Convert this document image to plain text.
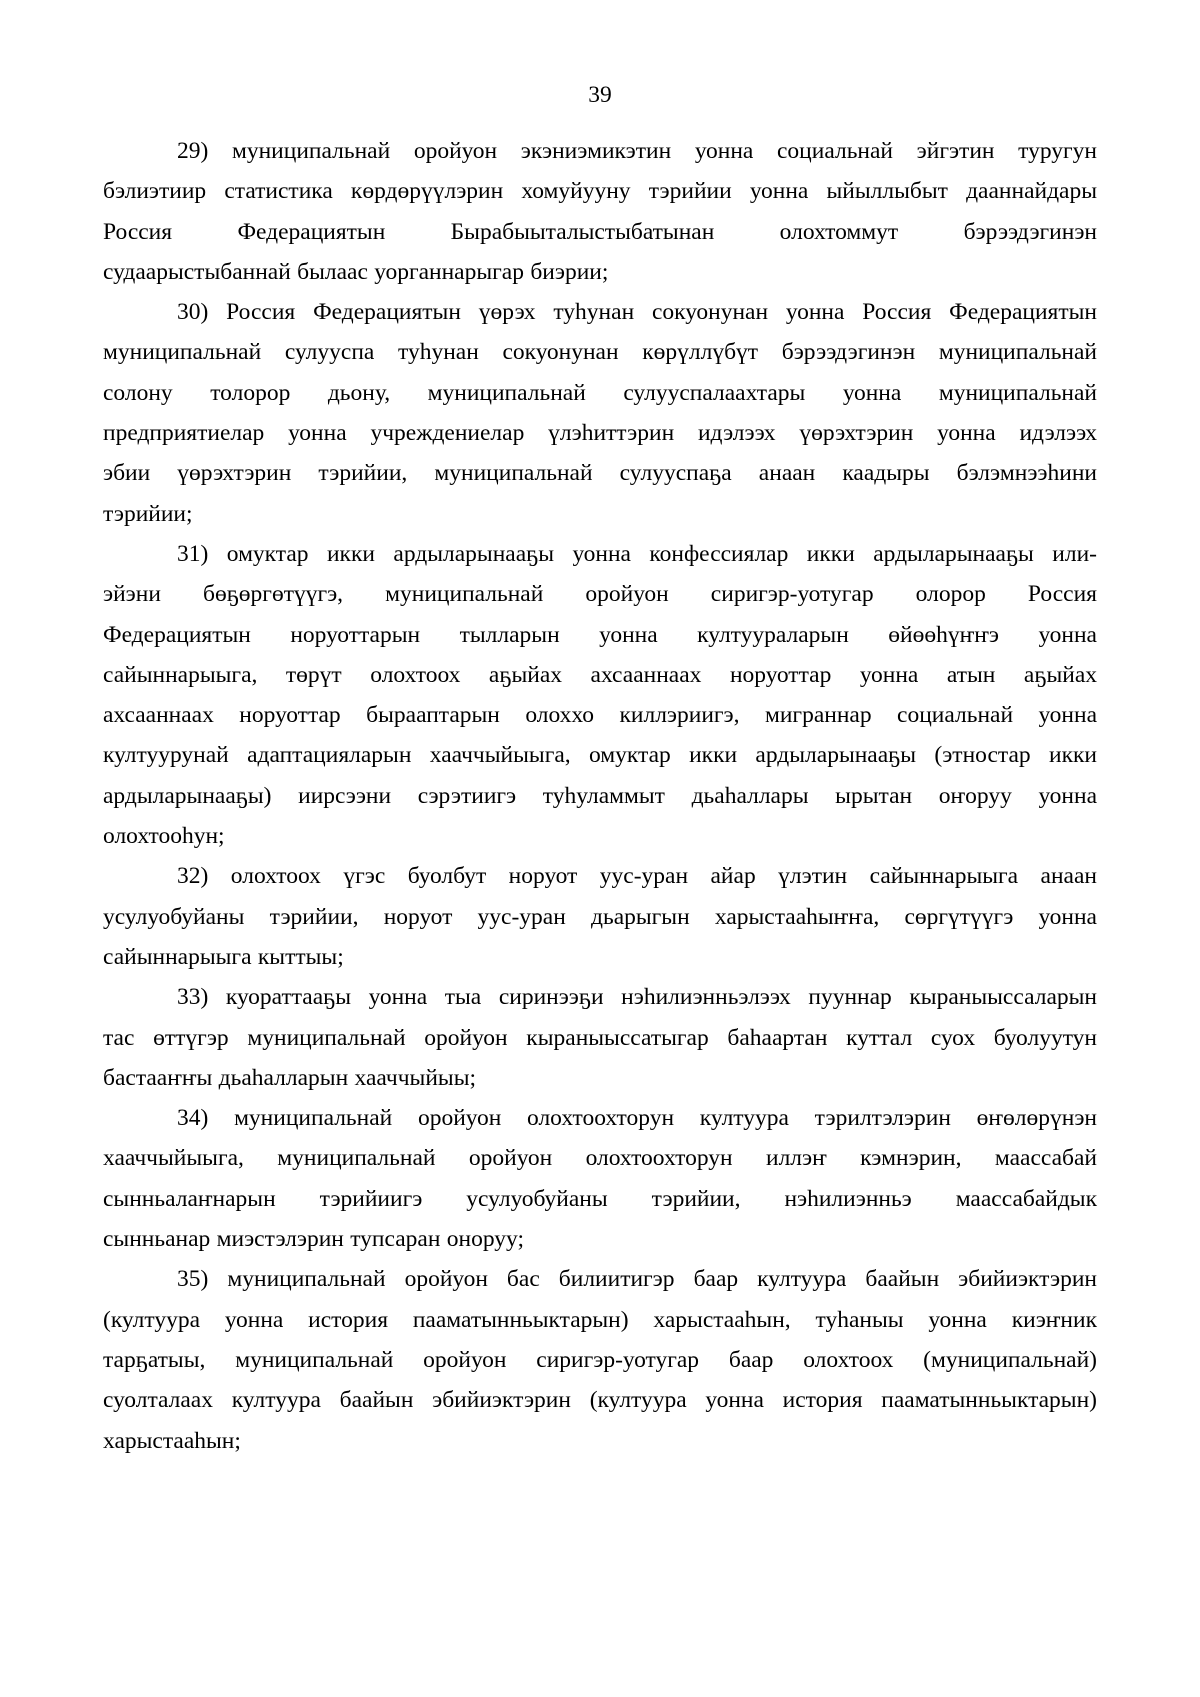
39
29) муниципальнай оройуон экэниэмикэтин уонна социальнай эйгэтин туругун
бэлиэтиир статистика көрдөрүүлэрин хомуйууну тэрийии уонна ыйыллыбыт дааннайдары
Россия Федерациятын Бырабыыталыстыбатынан олохтоммут бэрээдэгинэн
судаарыстыбаннай былаас уорганнарыгар биэрии;
30) Россия Федерациятын үөрэх туһунан сокуонунан уонна Россия Федерациятын
муниципальнай сулууспа туһунан сокуонунан көрүллүбүт бэрээдэгинэн муниципальнай
солону толорор дьону, муниципальнай сулууспалаахтары уонна муниципальнай
предприятиелар уонна учреждениелар үлэһиттэрин идэлээх үөрэхтэрин уонна идэлээх
эбии үөрэхтэрин тэрийии, муниципальнай сулууспаҕа анаан каадыры бэлэмнээһини
тэрийии;
31) омуктар икки ардыларынааҕы уонна конфессиялар икки ардыларынааҕы или-
эйэни бөҕөргөтүүгэ, муниципальнай оройуон сиригэр-уотугар олорор Россия
Федерациятын норуоттарын тылларын уонна култуураларын өйөөһүҥҥэ уонна
сайыннарыыга, төрүт олохтоох аҕыйах ахсааннаах норуоттар уонна атын аҕыйах
ахсааннаах норуоттар бырааптарын олоххо киллэриигэ, миграннар социальнай уонна
култуурунай адаптацияларын хааччыйыыга, омуктар икки ардыларынааҕы (этностар икки
ардыларынааҕы) иирсээни сэрэтиигэ туһуламмыт дьаһаллары ырытан оҥоруу уонна
олохтооһун;
32) олохтоох үгэс буолбут норуот уус-уран айар үлэтин сайыннарыыга анаан
усулуобуйаны тэрийии, норуот уус-уран дьарыгын харыстааһыҥҥа, сөргүтүүгэ уонна
сайыннарыыга кыттыы;
33) куораттааҕы уонна тыа сиринээҕи нэһилиэнньэлээх пууннар кыраныыссаларын
тас өттүгэр муниципальнай оройуон кыраныыссатыгар баһаартан куттал суох буолуутун
бастааҥҥы дьаһалларын хааччыйыы;
34) муниципальнай оройуон олохтоохторун култуура тэрилтэлэрин өҥөлөрүнэн
хааччыйыыга, муниципальнай оройуон олохтоохторун иллэҥ кэмнэрин, маассабай
сынньалаҥнарын тэрийиигэ усулуобуйаны тэрийии, нэһилиэнньэ маассабайдык
сынньанар миэстэлэрин тупсаран оноруу;
35) муниципальнай оройуон бас билиитигэр баар култуура баайын эбийиэктэрин
(култуура уонна история пааматынньыктарын) харыстааһын, туһаныы уонна киэҥник
тарҕатыы, муниципальнай оройуон сиригэр-уотугар баар олохтоох (муниципальнай)
суолталаах култуура баайын эбийиэктэрин (култуура уонна история пааматынньыктарын)
харыстааһын;
